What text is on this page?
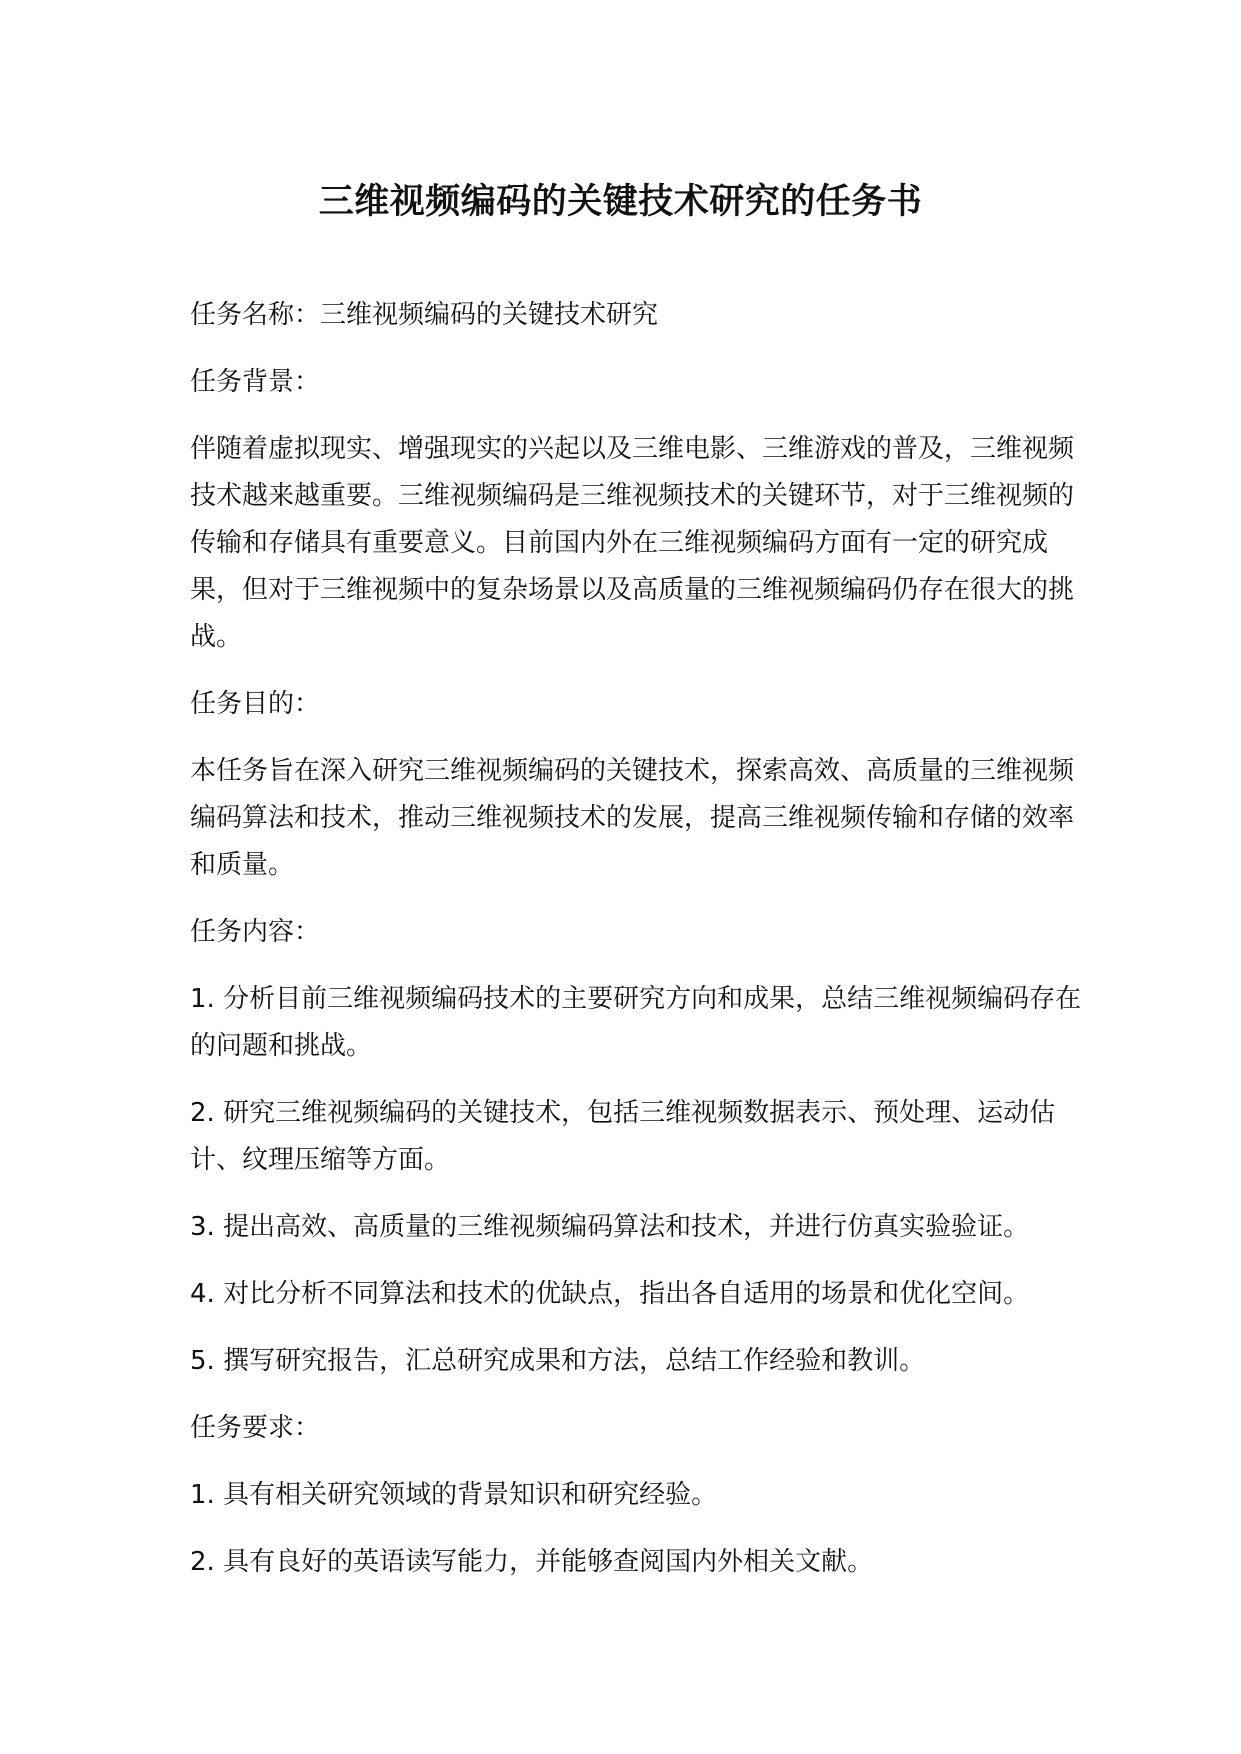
三维视频编码的关键技术研究的任务书

任务名称：三维视频编码的关键技术研究

任务背景：

伴随着虚拟现实、增强现实的兴起以及三维电影、三维游戏的普及，三维视频技术越来越重要。三维视频编码是三维视频技术的关键环节，对于三维视频的传输和存储具有重要意义。目前国内外在三维视频编码方面有一定的研究成果，但对于三维视频中的复杂场景以及高质量的三维视频编码仍存在很大的挑战。

任务目的：

本任务旨在深入研究三维视频编码的关键技术，探索高效、高质量的三维视频编码算法和技术，推动三维视频技术的发展，提高三维视频传输和存储的效率和质量。

任务内容：

1. 分析目前三维视频编码技术的主要研究方向和成果，总结三维视频编码存在的问题和挑战。

2. 研究三维视频编码的关键技术，包括三维视频数据表示、预处理、运动估计、纹理压缩等方面。

3. 提出高效、高质量的三维视频编码算法和技术，并进行仿真实验验证。

4. 对比分析不同算法和技术的优缺点，指出各自适用的场景和优化空间。

5. 撰写研究报告，汇总研究成果和方法，总结工作经验和教训。

任务要求：

1. 具有相关研究领域的背景知识和研究经验。

2. 具有良好的英语读写能力，并能够查阅国内外相关文献。
